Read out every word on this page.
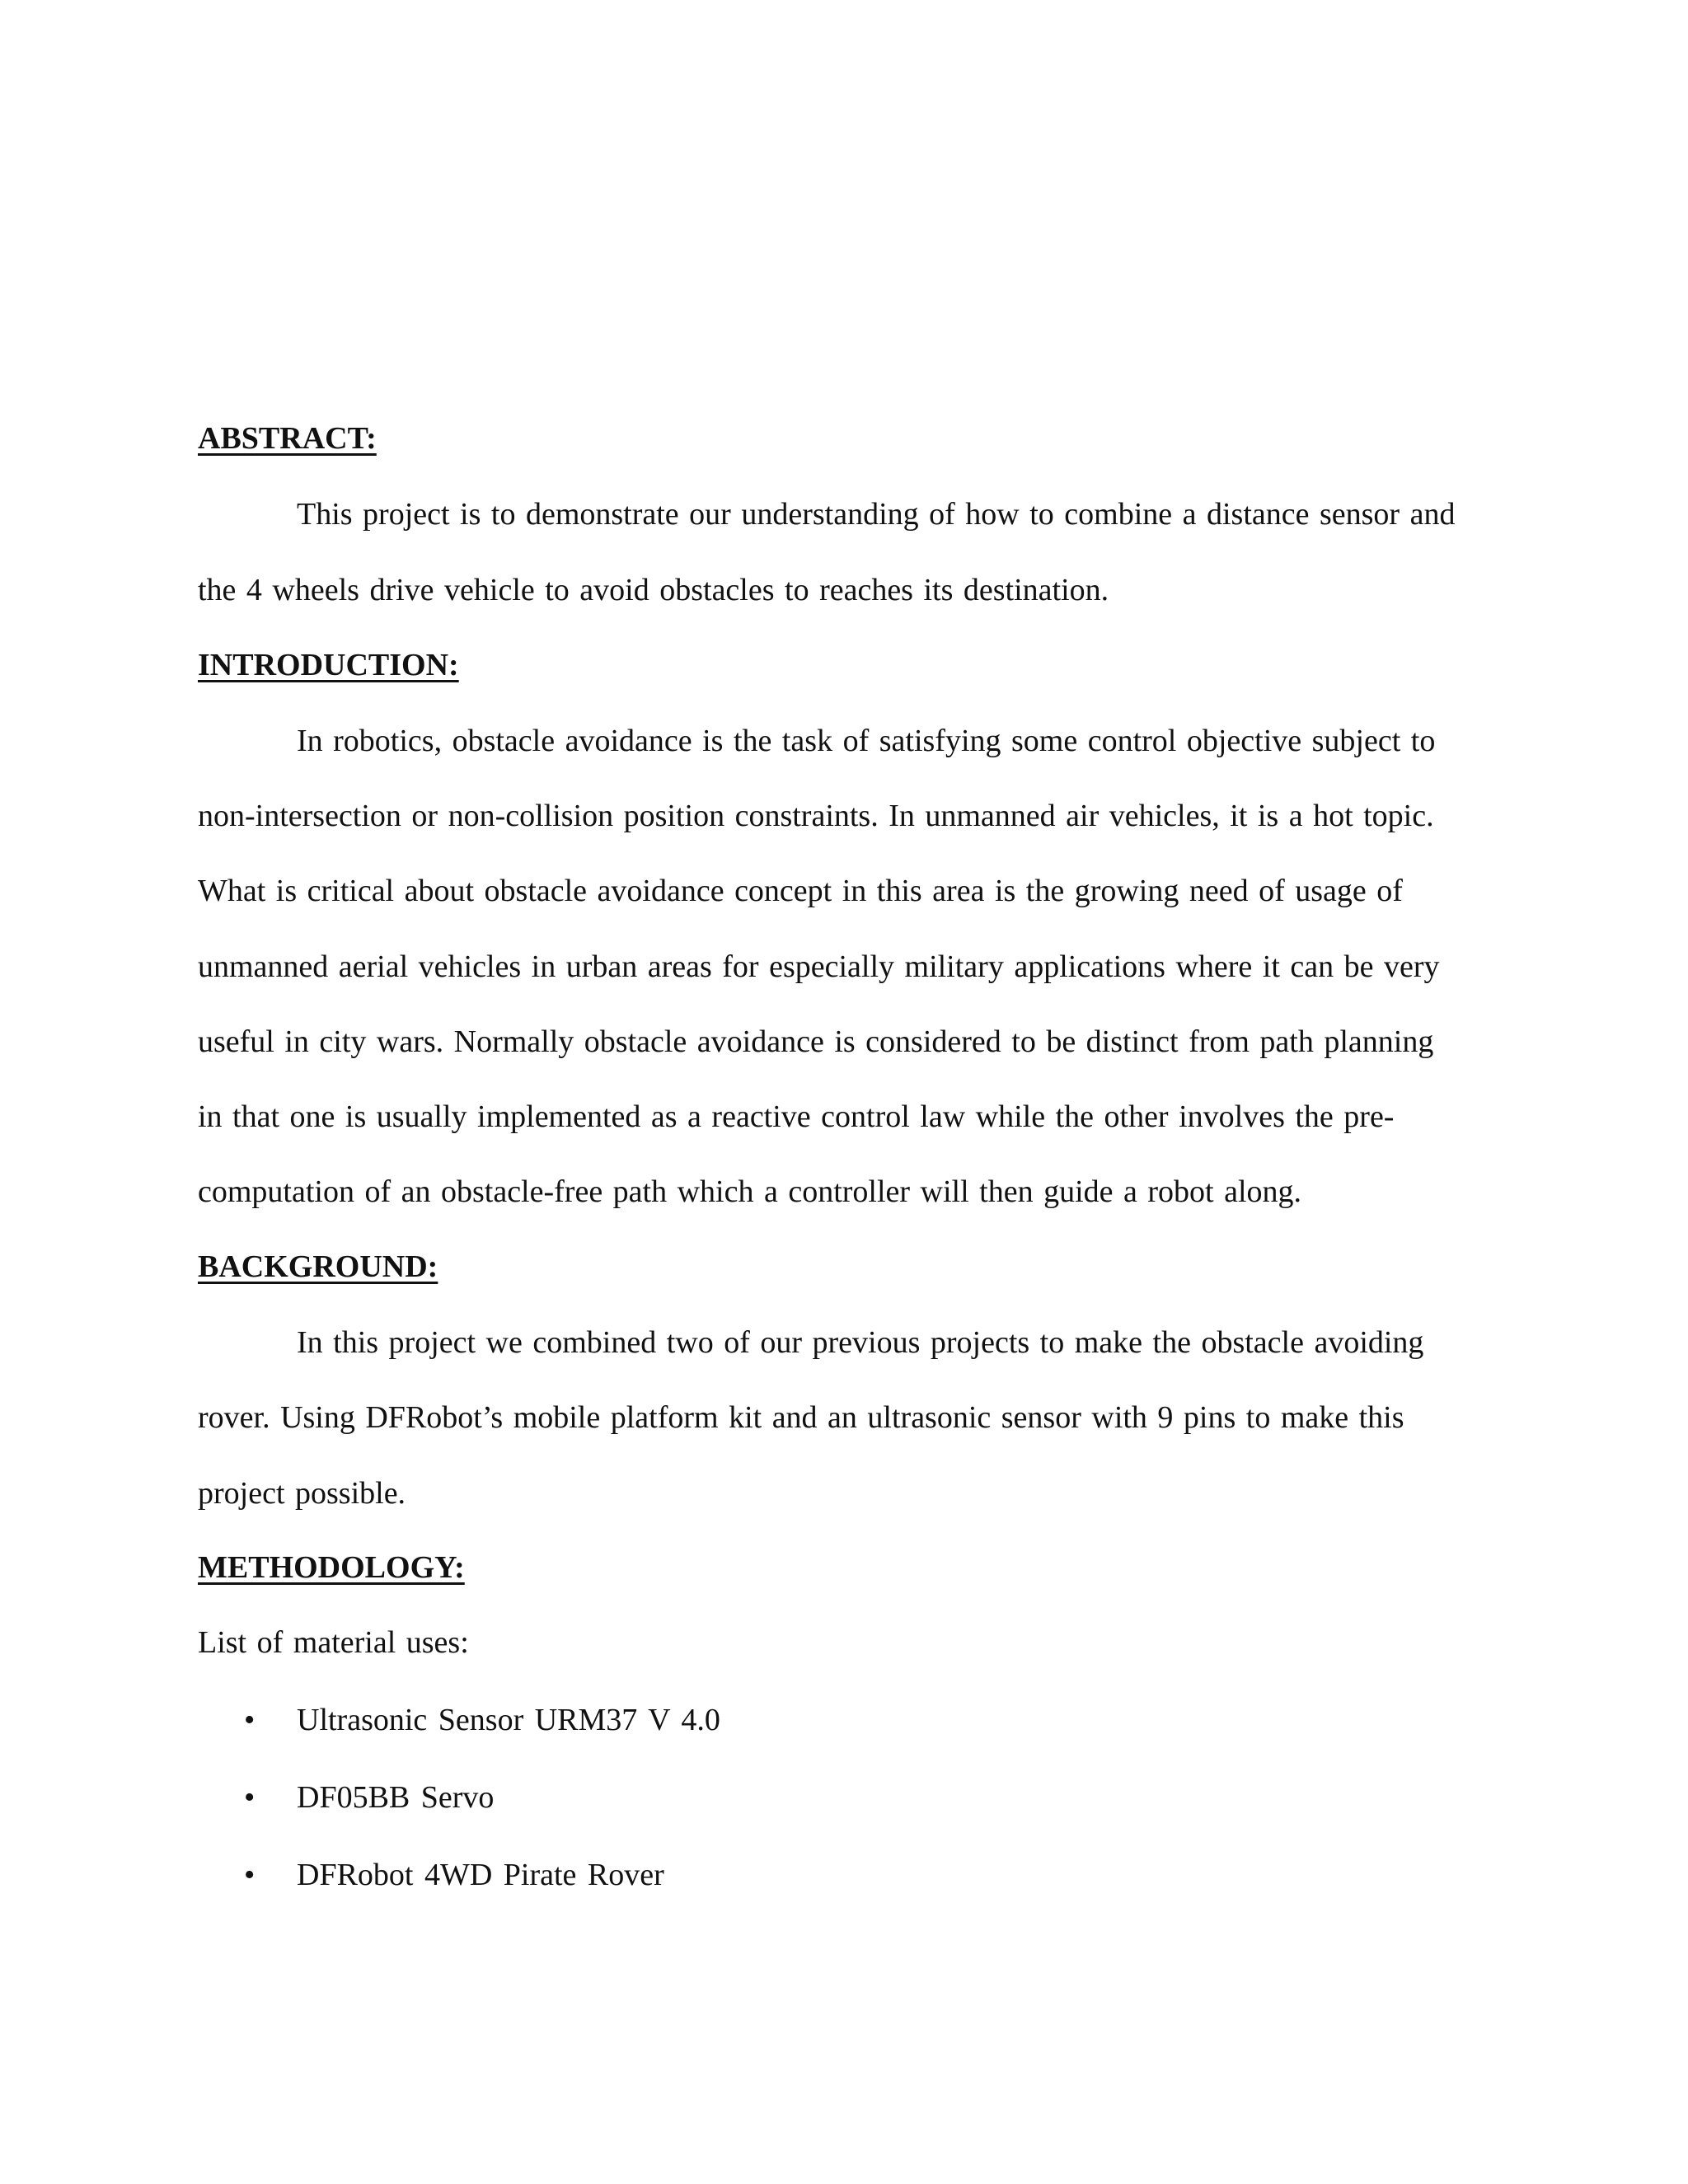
ABSTRACT:
This project is to demonstrate our understanding of how to combine a distance sensor and
the 4 wheels drive vehicle to avoid obstacles to reaches its destination.
INTRODUCTION:
In robotics, obstacle avoidance is the task of satisfying some control objective subject to
non-intersection or non-collision position constraints. In unmanned air vehicles, it is a hot topic.
What is critical about obstacle avoidance concept in this area is the growing need of usage of
unmanned aerial vehicles in urban areas for especially military applications where it can be very
useful in city wars. Normally obstacle avoidance is considered to be distinct from path planning
in that one is usually implemented as a reactive control law while the other involves the pre-
computation of an obstacle-free path which a controller will then guide a robot along.
BACKGROUND:
In this project we combined two of our previous projects to make the obstacle avoiding
rover. Using DFRobot’s mobile platform kit and an ultrasonic sensor with 9 pins to make this
project possible.
METHODOLOGY:
List of material uses:
• Ultrasonic Sensor URM37 V 4.0
• DF05BB Servo
• DFRobot 4WD Pirate Rover
